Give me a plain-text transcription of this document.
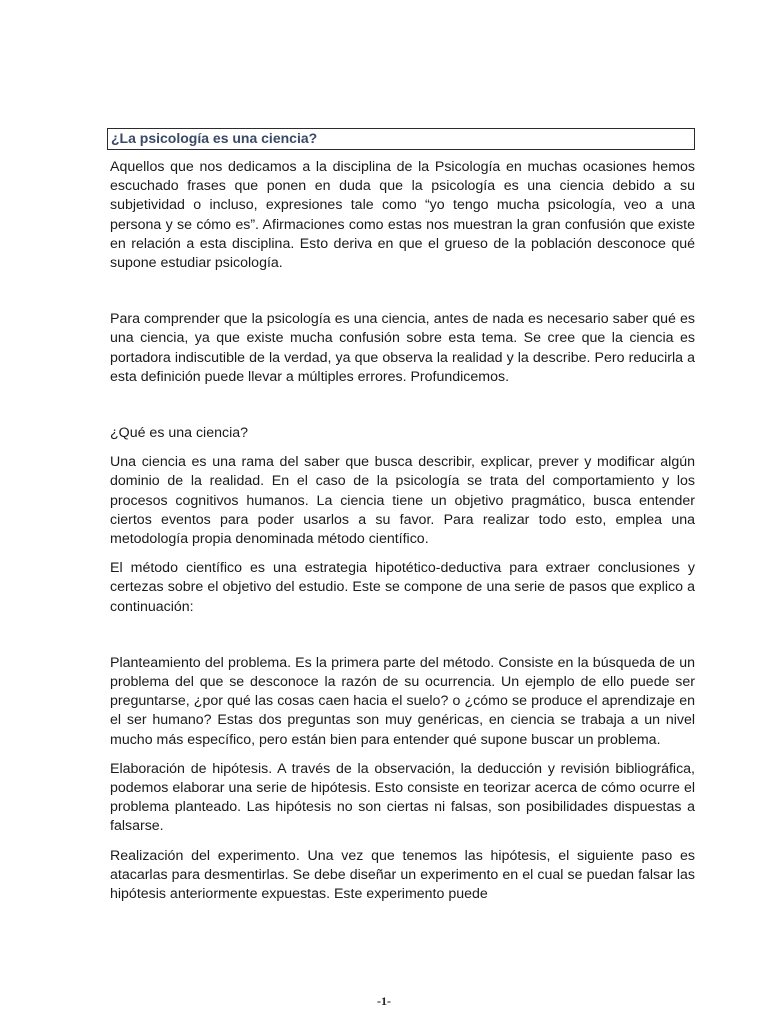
¿La psicología es una ciencia?

Aquellos que nos dedicamos a la disciplina de la Psicología en muchas ocasiones hemos escuchado frases que ponen en duda que la psicología es una ciencia debido a su subjetividad o incluso, expresiones tale como “yo tengo mucha psicología, veo a una persona y se cómo es”. Afirmaciones como estas nos muestran la gran confusión que existe en relación a esta disciplina. Esto deriva en que el grueso de la población desconoce qué supone estudiar psicología.

Para comprender que la psicología es una ciencia, antes de nada es necesario saber qué es una ciencia, ya que existe mucha confusión sobre esta tema. Se cree que la ciencia es portadora indiscutible de la verdad, ya que observa la realidad y la describe. Pero reducirla a esta definición puede llevar a múltiples errores. Profundicemos.

¿Qué es una ciencia?

Una ciencia es una rama del saber que busca describir, explicar, prever y modificar algún dominio de la realidad. En el caso de la psicología se trata del comportamiento y los procesos cognitivos humanos. La ciencia tiene un objetivo pragmático, busca entender ciertos eventos para poder usarlos a su favor. Para realizar todo esto, emplea una metodología propia denominada método científico.

El método científico es una estrategia hipotético-deductiva para extraer conclusiones y certezas sobre el objetivo del estudio. Este se compone de una serie de pasos que explico a continuación:

Planteamiento del problema. Es la primera parte del método. Consiste en la búsqueda de un problema del que se desconoce la razón de su ocurrencia. Un ejemplo de ello puede ser preguntarse, ¿por qué las cosas caen hacia el suelo? o ¿cómo se produce el aprendizaje en el ser humano? Estas dos preguntas son muy genéricas, en ciencia se trabaja a un nivel mucho más específico, pero están bien para entender qué supone buscar un problema.

Elaboración de hipótesis. A través de la observación, la deducción y revisión bibliográfica, podemos elaborar una serie de hipótesis. Esto consiste en teorizar acerca de cómo ocurre el problema planteado. Las hipótesis no son ciertas ni falsas, son posibilidades dispuestas a falsarse.

Realización del experimento. Una vez que tenemos las hipótesis, el siguiente paso es atacarlas para desmentirlas. Se debe diseñar un experimento en el cual se puedan falsar las hipótesis anteriormente expuestas. Este experimento puede

-1-
